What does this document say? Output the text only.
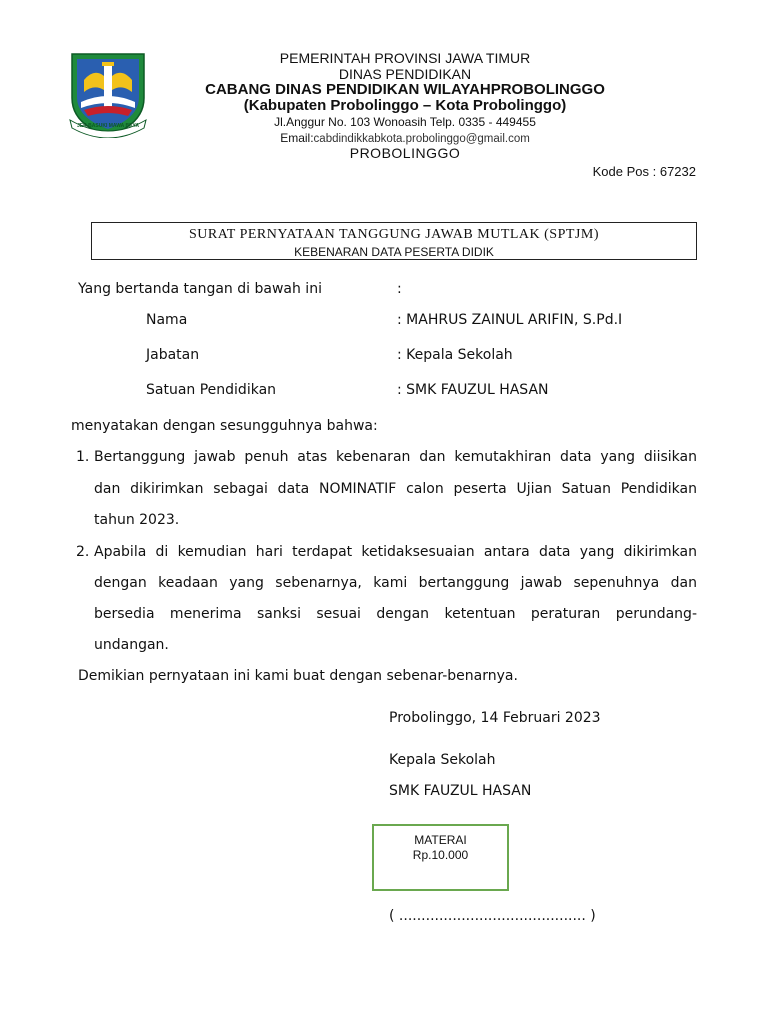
JER BASUKI MAWA BEYA
PEMERINTAH PROVINSI JAWA TIMUR
DINAS PENDIDIKAN
CABANG DINAS PENDIDIKAN WILAYAHPROBOLINGGO
(Kabupaten Probolinggo – Kota Probolinggo)
Jl.Anggur No. 103 Wonoasih Telp. 0335 - 449455
Email:cabdindikkabkota.probolinggo@gmail.com
PROBOLINGGO
Kode Pos : 67232
SURAT PERNYATAAN TANGGUNG JAWAB MUTLAK (SPTJM)
KEBENARAN DATA PESERTA DIDIK
Yang bertanda tangan di bawah ini	:
Nama	: MAHRUS ZAINUL ARIFIN, S.Pd.I
Jabatan	: Kepala Sekolah
Satuan Pendidikan	: SMK FAUZUL HASAN
menyatakan dengan sesungguhnya bahwa:
1. Bertanggung jawab penuh atas kebenaran dan kemutakhiran data yang diisikan
dan dikirimkan sebagai data NOMINATIF calon peserta Ujian Satuan Pendidikan
tahun 2023.
2. Apabila di kemudian hari terdapat ketidaksesuaian antara data yang dikirimkan
dengan keadaan yang sebenarnya, kami bertanggung jawab sepenuhnya dan
bersedia menerima sanksi sesuai dengan ketentuan peraturan perundang-
undangan.
Demikian pernyataan ini kami buat dengan sebenar-benarnya.
Probolinggo, 14 Februari 2023
Kepala Sekolah
SMK FAUZUL HASAN
MATERAI
Rp.10.000
( .......................................... )
